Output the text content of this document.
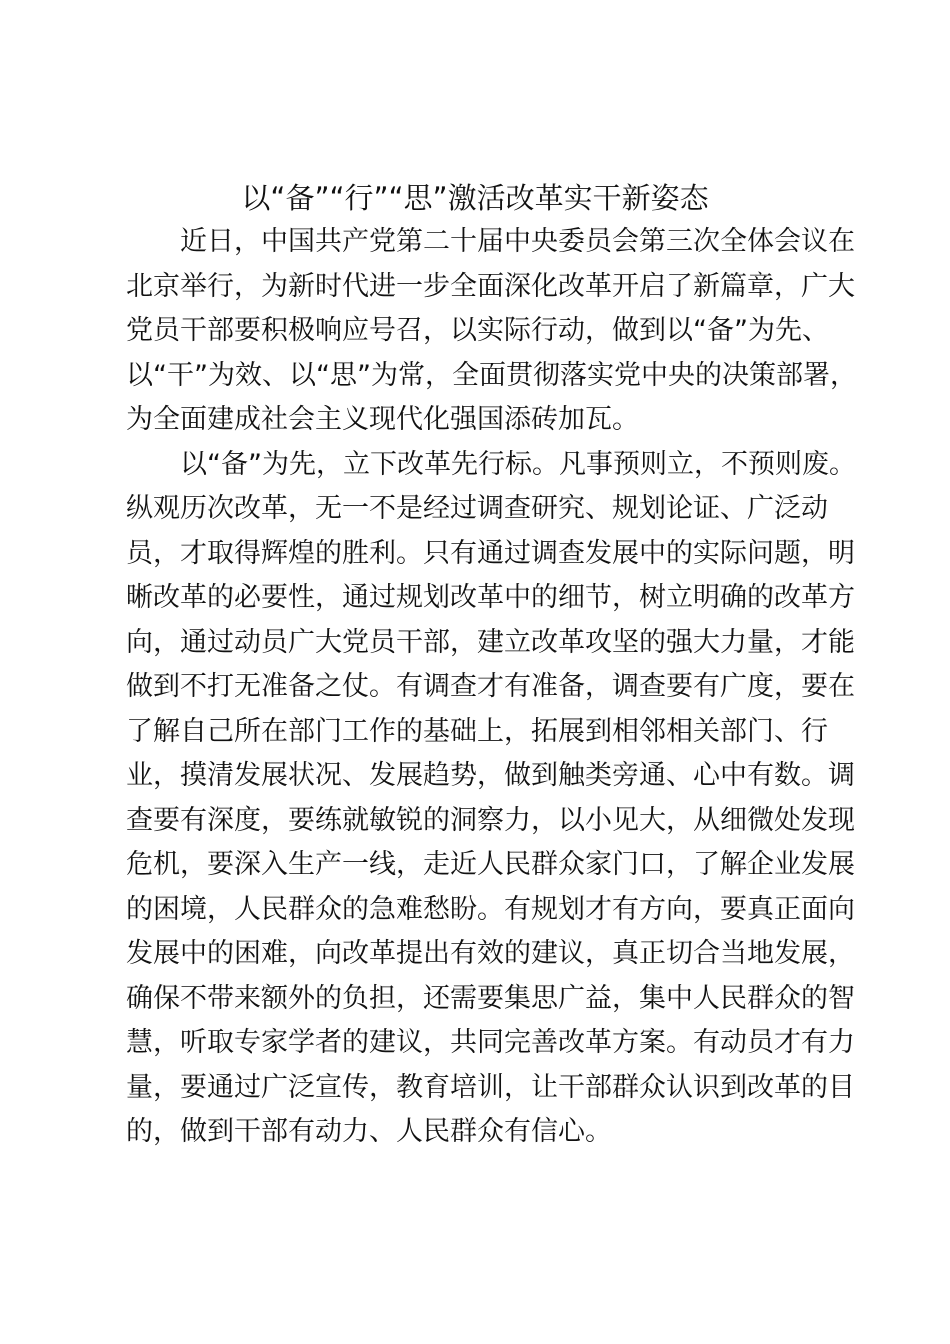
以“备”“行”“思”激活改革实干新姿态
近日，中国共产党第二十届中央委员会第三次全体会议在
北京举行，为新时代进一步全面深化改革开启了新篇章，广大
党员干部要积极响应号召，以实际行动，做到以“备”为先、
以“干”为效、以“思”为常，全面贯彻落实党中央的决策部署，
为全面建成社会主义现代化强国添砖加瓦。
以“备”为先，立下改革先行标。凡事预则立，不预则废。
纵观历次改革，无一不是经过调查研究、规划论证、广泛动
员，才取得辉煌的胜利。只有通过调查发展中的实际问题，明
晰改革的必要性，通过规划改革中的细节，树立明确的改革方
向，通过动员广大党员干部，建立改革攻坚的强大力量，才能
做到不打无准备之仗。有调查才有准备，调查要有广度，要在
了解自己所在部门工作的基础上，拓展到相邻相关部门、行
业，摸清发展状况、发展趋势，做到触类旁通、心中有数。调
查要有深度，要练就敏锐的洞察力，以小见大，从细微处发现
危机，要深入生产一线，走近人民群众家门口，了解企业发展
的困境，人民群众的急难愁盼。有规划才有方向，要真正面向
发展中的困难，向改革提出有效的建议，真正切合当地发展，
确保不带来额外的负担，还需要集思广益，集中人民群众的智
慧，听取专家学者的建议，共同完善改革方案。有动员才有力
量，要通过广泛宣传，教育培训，让干部群众认识到改革的目
的，做到干部有动力、人民群众有信心。
